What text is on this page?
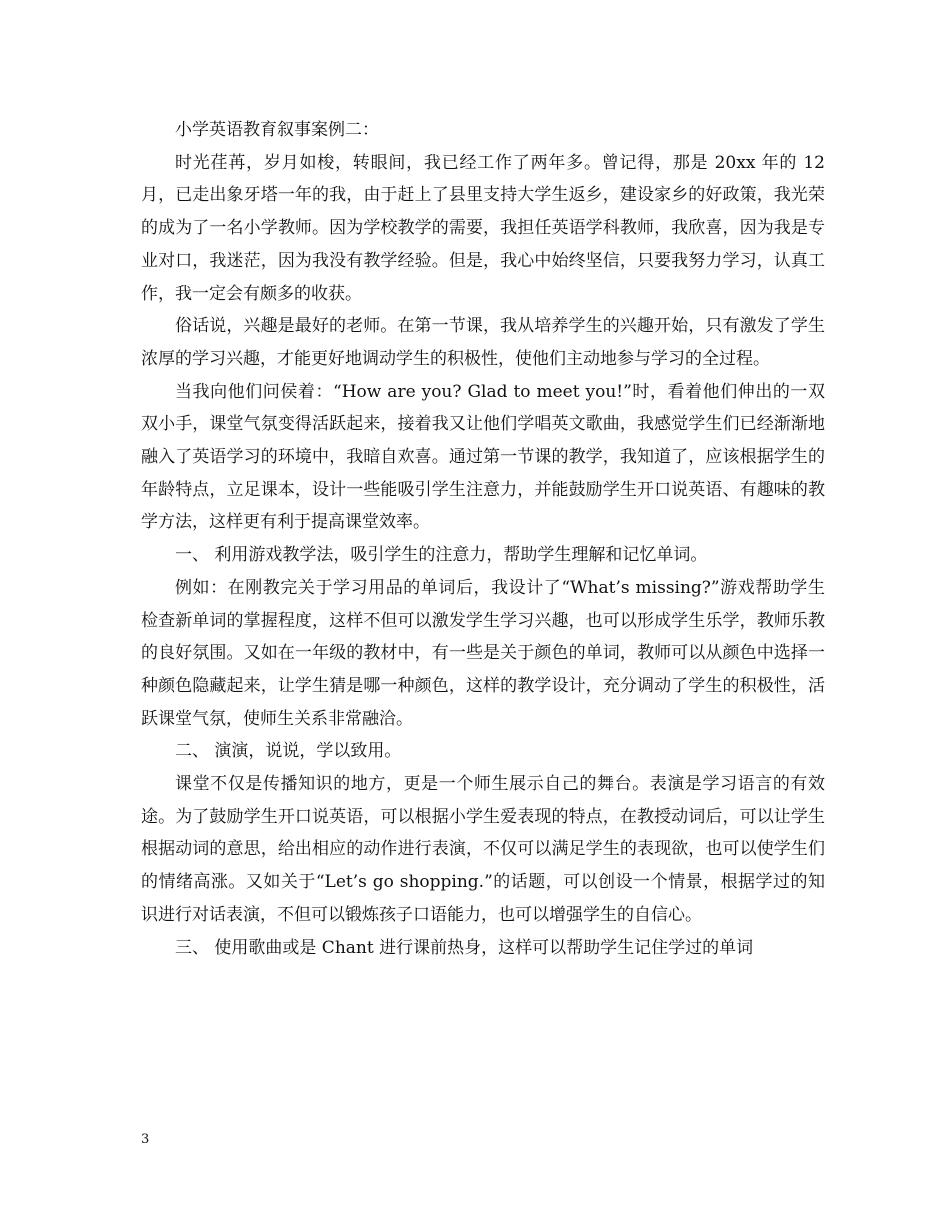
小学英语教育叙事案例二：

时光荏苒，岁月如梭，转眼间，我已经工作了两年多。曾记得，那是 20xx 年的 12 月，已走出象牙塔一年的我，由于赶上了县里支持大学生返乡，建设家乡的好政策，我光荣的成为了一名小学教师。因为学校教学的需要，我担任英语学科教师，我欣喜，因为我是专业对口，我迷茫，因为我没有教学经验。但是，我心中始终坚信，只要我努力学习，认真工作，我一定会有颇多的收获。

俗话说，兴趣是最好的老师。在第一节课，我从培养学生的兴趣开始，只有激发了学生浓厚的学习兴趣，才能更好地调动学生的积极性，使他们主动地参与学习的全过程。

当我向他们问侯着：“How are you? Glad to meet you!”时，看着他们伸出的一双双小手，课堂气氛变得活跃起来，接着我又让他们学唱英文歌曲，我感觉学生们已经渐渐地融入了英语学习的环境中，我暗自欢喜。通过第一节课的教学，我知道了，应该根据学生的年龄特点，立足课本，设计一些能吸引学生注意力，并能鼓励学生开口说英语、有趣味的教学方法，这样更有利于提高课堂效率。

一、 利用游戏教学法，吸引学生的注意力，帮助学生理解和记忆单词。

例如：在刚教完关于学习用品的单词后，我设计了“What’s missing?”游戏帮助学生检查新单词的掌握程度，这样不但可以激发学生学习兴趣，也可以形成学生乐学，教师乐教的良好氛围。又如在一年级的教材中，有一些是关于颜色的单词，教师可以从颜色中选择一种颜色隐藏起来，让学生猜是哪一种颜色，这样的教学设计，充分调动了学生的积极性，活跃课堂气氛，使师生关系非常融洽。

二、 演演，说说，学以致用。

课堂不仅是传播知识的地方，更是一个师生展示自己的舞台。表演是学习语言的有效途。为了鼓励学生开口说英语，可以根据小学生爱表现的特点，在教授动词后，可以让学生根据动词的意思，给出相应的动作进行表演，不仅可以满足学生的表现欲，也可以使学生们的情绪高涨。又如关于“Let’s go shopping.”的话题，可以创设一个情景，根据学过的知识进行对话表演，不但可以锻炼孩子口语能力，也可以增强学生的自信心。

三、 使用歌曲或是 Chant 进行课前热身，这样可以帮助学生记住学过的单词

3
